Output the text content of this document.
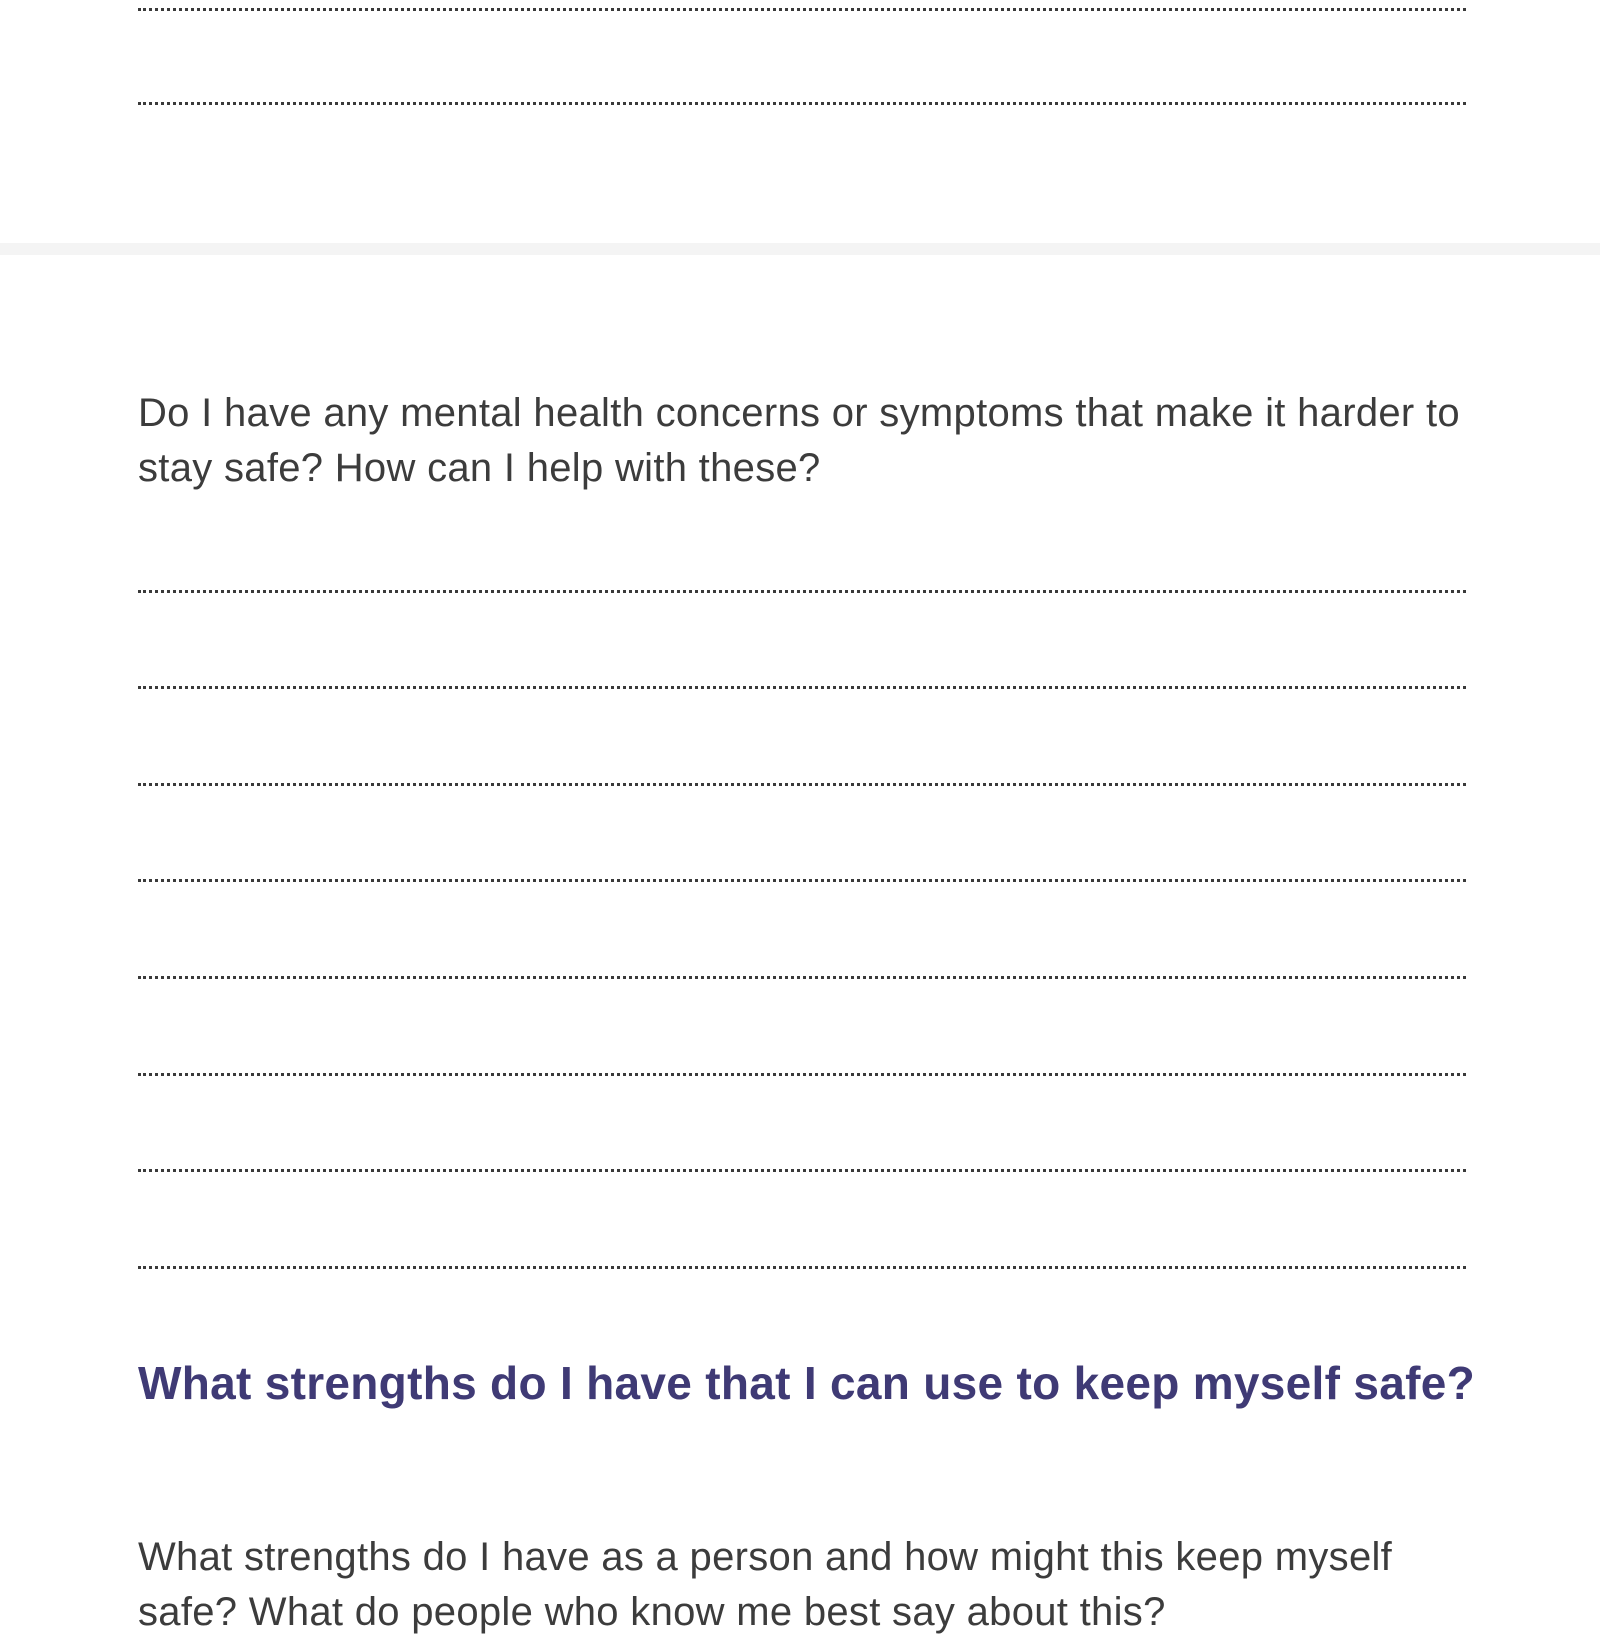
Do I have any mental health concerns or symptoms that make it harder to stay safe? How can I help with these?
What strengths do I have that I can use to keep myself safe?
What strengths do I have as a person and how might this keep myself safe? What do people who know me best say about this?
